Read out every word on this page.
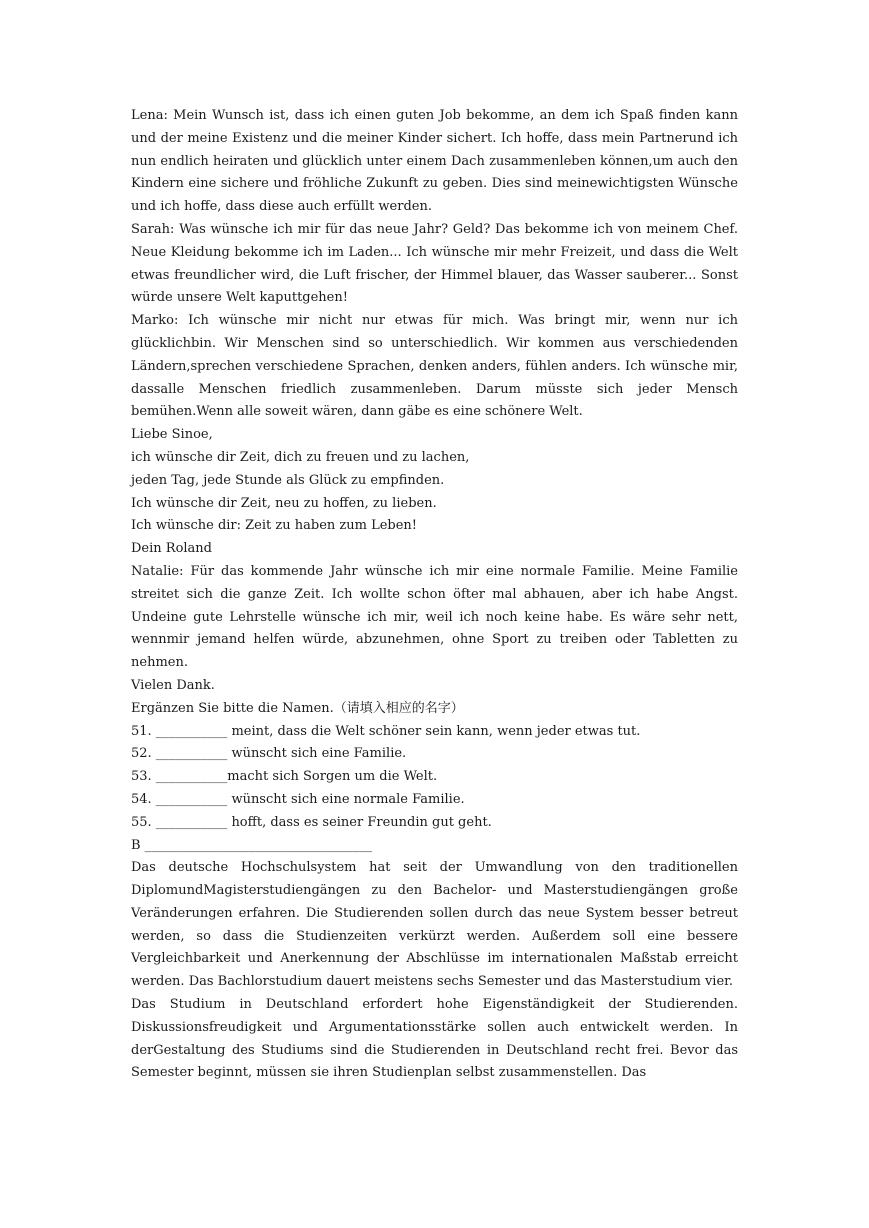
Lena: Mein Wunsch ist, dass ich einen guten Job bekomme, an dem ich Spaß finden kann und der meine Existenz und die meiner Kinder sichert. Ich hoffe, dass mein Partnerund ich nun endlich heiraten und glücklich unter einem Dach zusammenleben können,um auch den Kindern eine sichere und fröhliche Zukunft zu geben. Dies sind meinewichtigsten Wünsche und ich hoffe, dass diese auch erfüllt werden.

Sarah: Was wünsche ich mir für das neue Jahr? Geld? Das bekomme ich von meinem Chef. Neue Kleidung bekomme ich im Laden... Ich wünsche mir mehr Freizeit, und dass die Welt etwas freundlicher wird, die Luft frischer, der Himmel blauer, das Wasser sauberer... Sonst würde unsere Welt kaputtgehen!

Marko: Ich wünsche mir nicht nur etwas für mich. Was bringt mir, wenn nur ich glücklichbin. Wir Menschen sind so unterschiedlich. Wir kommen aus verschiedenden Ländern,sprechen verschiedene Sprachen, denken anders, fühlen anders. Ich wünsche mir, dassalle Menschen friedlich zusammenleben. Darum müsste sich jeder Mensch bemühen.Wenn alle soweit wären, dann gäbe es eine schönere Welt.

Liebe Sinoe,

ich wünsche dir Zeit, dich zu freuen und zu lachen,

jeden Tag, jede Stunde als Glück zu empfinden.

Ich wünsche dir Zeit, neu zu hoffen, zu lieben.

Ich wünsche dir: Zeit zu haben zum Leben!

Dein Roland

Natalie: Für das kommende Jahr wünsche ich mir eine normale Familie. Meine Familie streitet sich die ganze Zeit. Ich wollte schon öfter mal abhauen, aber ich habe Angst. Undeine gute Lehrstelle wünsche ich mir, weil ich noch keine habe. Es wäre sehr nett, wennmir jemand helfen würde, abzunehmen, ohne Sport zu treiben oder Tabletten zu nehmen.

Vielen Dank.

Ergänzen Sie bitte die Namen.（请填入相应的名字）

51. ___________ meint, dass die Welt schöner sein kann, wenn jeder etwas tut.

52. ___________ wünscht sich eine Familie.

53. ___________macht sich Sorgen um die Welt.

54. ___________ wünscht sich eine normale Familie.

55. ___________ hofft, dass es seiner Freundin gut geht.

B ___________________________________

Das deutsche Hochschulsystem hat seit der Umwandlung von den traditionellen DiplomundMagisterstudiengängen zu den Bachelor- und Masterstudiengängen große Veränderungen erfahren. Die Studierenden sollen durch das neue System besser betreut werden, so dass die Studienzeiten verkürzt werden. Außerdem soll eine bessere Vergleichbarkeit und Anerkennung der Abschlüsse im internationalen Maßstab erreicht werden. Das Bachlorstudium dauert meistens sechs Semester und das Masterstudium vier.

Das Studium in Deutschland erfordert hohe Eigenständigkeit der Studierenden. Diskussionsfreudigkeit und Argumentationsstärke sollen auch entwickelt werden. In derGestaltung des Studiums sind die Studierenden in Deutschland recht frei. Bevor das Semester beginnt, müssen sie ihren Studienplan selbst zusammenstellen. Das
